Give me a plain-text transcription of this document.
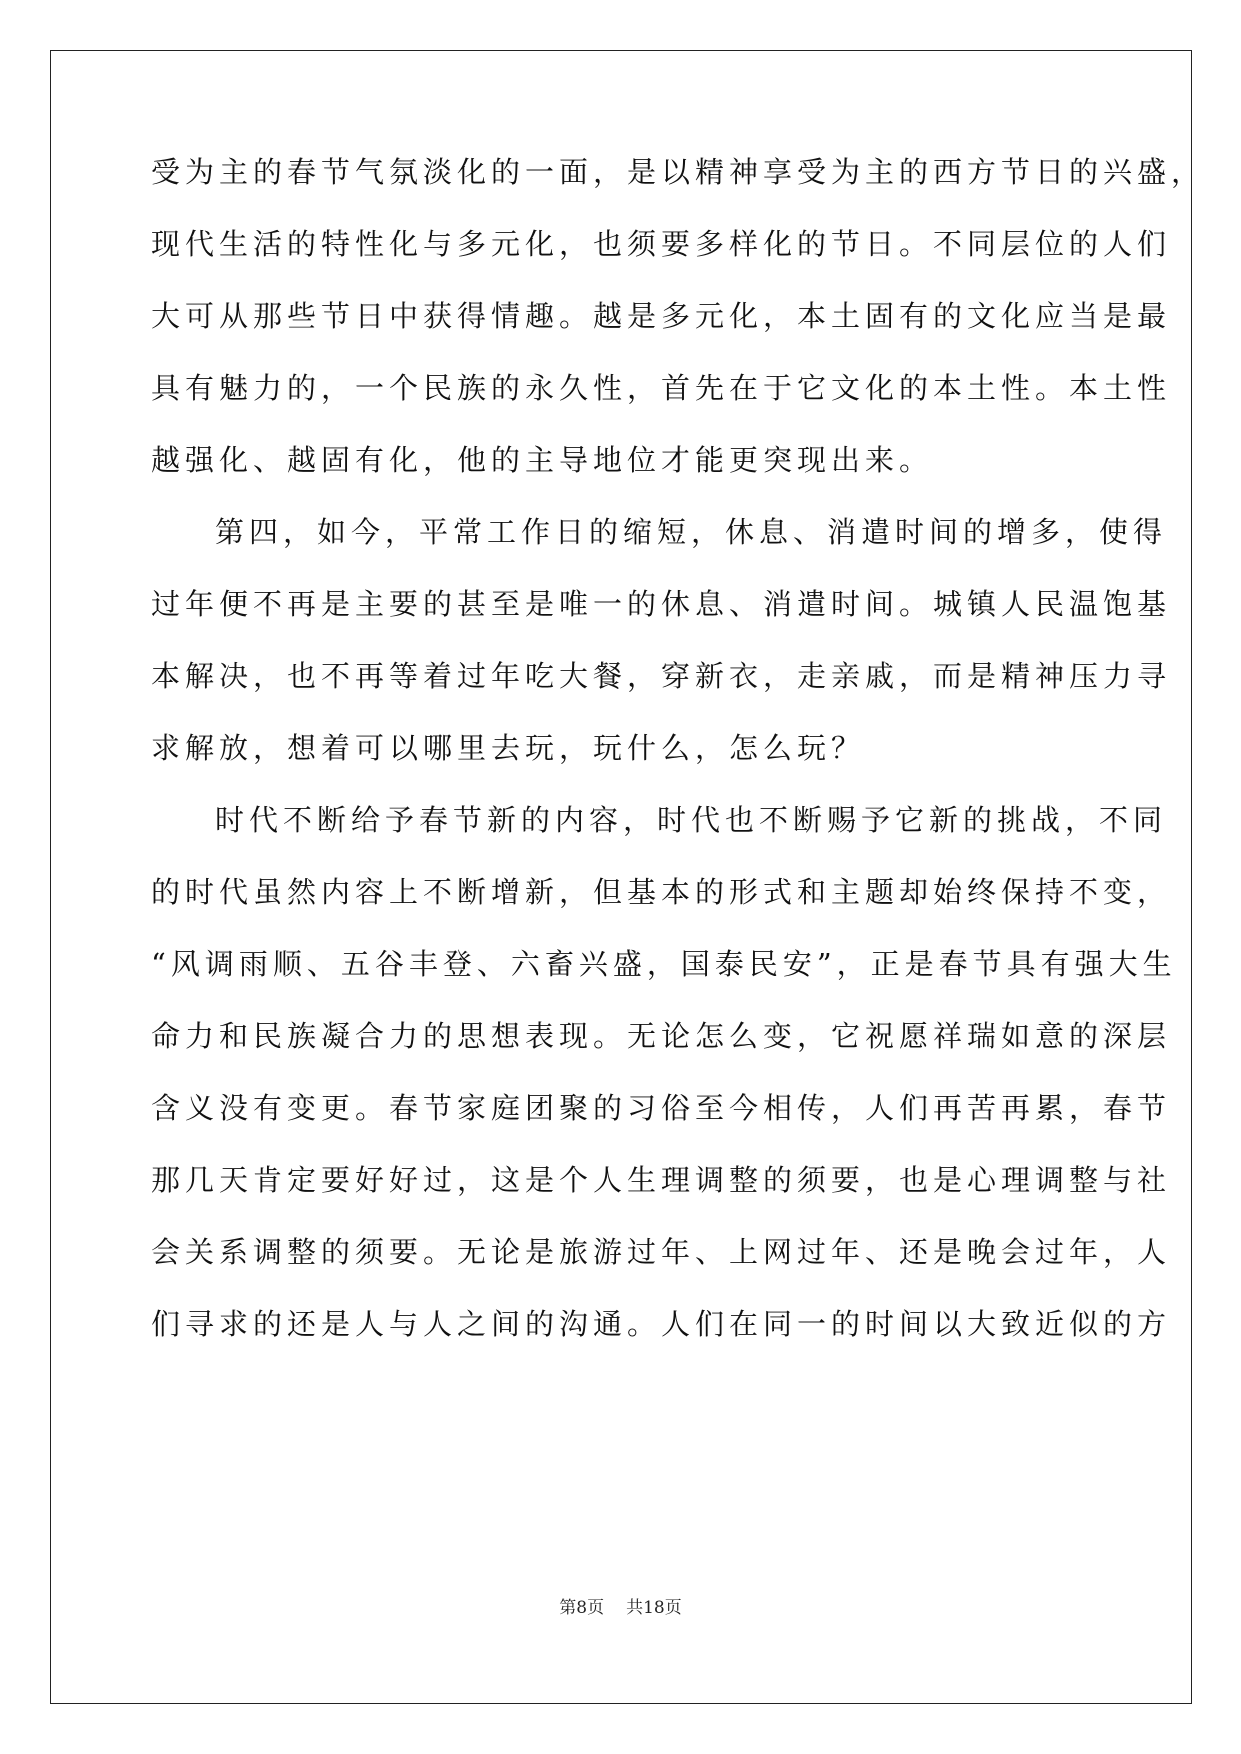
受为主的春节气氛淡化的一面，是以精神享受为主的西方节日的兴盛，
现代生活的特性化与多元化，也须要多样化的节日。不同层位的人们
大可从那些节日中获得情趣。越是多元化，本土固有的文化应当是最
具有魅力的，一个民族的永久性，首先在于它文化的本土性。本土性
越强化、越固有化，他的主导地位才能更突现出来。
第四，如今，平常工作日的缩短，休息、消遣时间的增多，使得
过年便不再是主要的甚至是唯一的休息、消遣时间。城镇人民温饱基
本解决，也不再等着过年吃大餐，穿新衣，走亲戚，而是精神压力寻
求解放，想着可以哪里去玩，玩什么，怎么玩？
时代不断给予春节新的内容，时代也不断赐予它新的挑战，不同
的时代虽然内容上不断增新，但基本的形式和主题却始终保持不变，
“风调雨顺、五谷丰登、六畜兴盛，国泰民安”，正是春节具有强大生
命力和民族凝合力的思想表现。无论怎么变，它祝愿祥瑞如意的深层
含义没有变更。春节家庭团聚的习俗至今相传，人们再苦再累，春节
那几天肯定要好好过，这是个人生理调整的须要，也是心理调整与社
会关系调整的须要。无论是旅游过年、上网过年、还是晚会过年，人
们寻求的还是人与人之间的沟通。人们在同一的时间以大致近似的方
第8页 共18页
